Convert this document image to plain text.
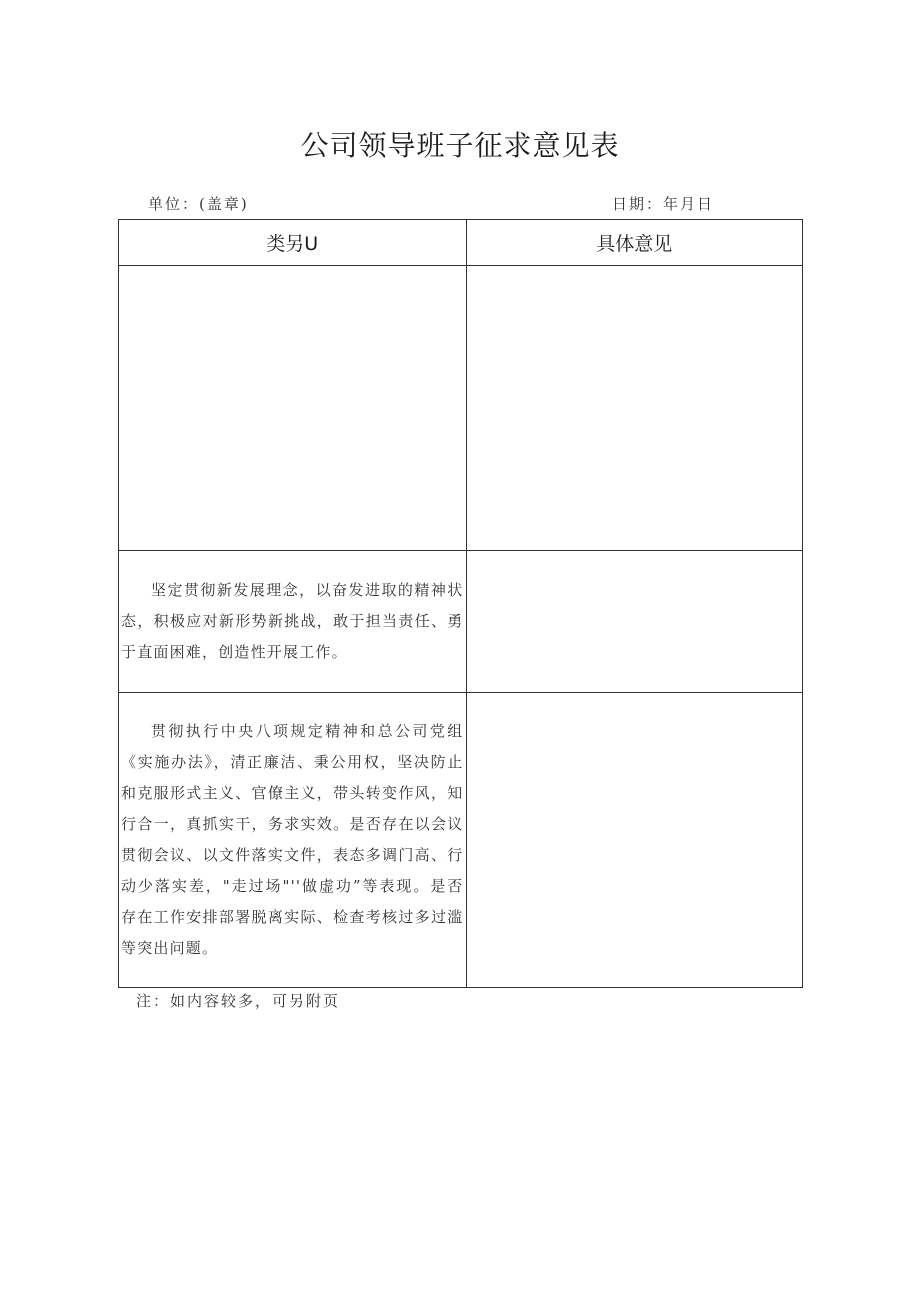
公司领导班子征求意见表
单位：(盖章)	日期：年月日
类另U	具体意见

坚定贯彻新发展理念，以奋发进取的精神状态，积极应对新形势新挑战，敢于担当责任、勇于直面困难，创造性开展工作。	

贯彻执行中央八项规定精神和总公司党组《实施办法》，清正廉洁、秉公用权，坚决防止和克服形式主义、官僚主义，带头转变作风，知行合一，真抓实干，务求实效。是否存在以会议贯彻会议、以文件落实文件，表态多调门高、行动少落实差，"走过场"''做虚功”等表现。是否存在工作安排部署脱离实际、检查考核过多过滥等突出问题。	

注：如内容较多，可另附页
